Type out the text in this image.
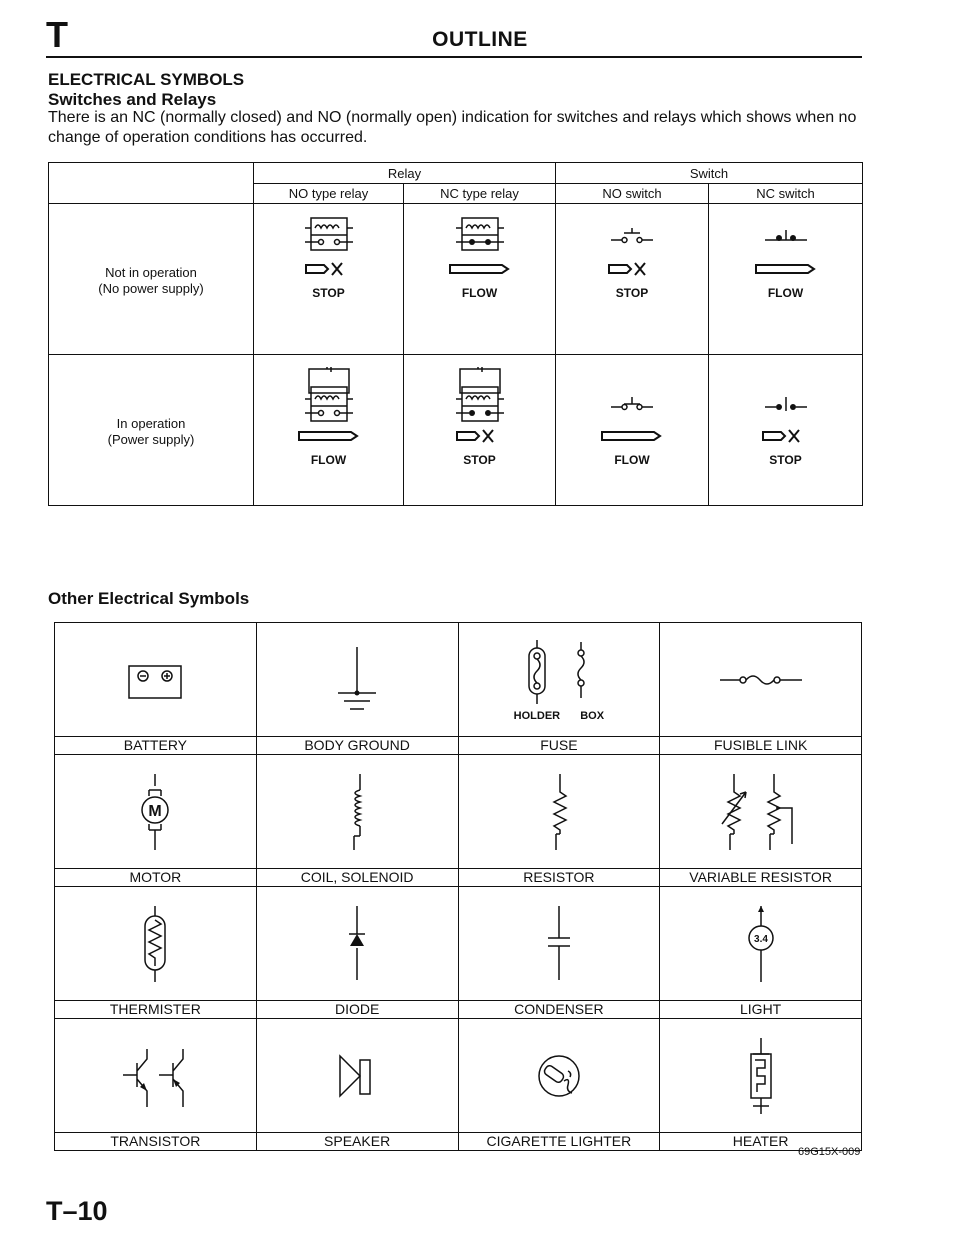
T	OUTLINE
ELECTRICAL SYMBOLS
Switches and Relays
There is an NC (normally closed) and NO (normally open) indication for switches and relays which shows when no change of operation conditions has occurred.
	Relay		Switch	
	NO type relay	NC type relay	NO switch	NC switch

Not in operation
(No power supply)	STOP	FLOW	STOP	FLOW

In operation
(Power supply)	FLOW	STOP	FLOW	STOP
Other Electrical Symbols

HOLDER BOX

BATTERY	BODY GROUND	FUSE	FUSIBLE LINK

M

MOTOR	COIL, SOLENOID	RESISTOR	VARIABLE RESISTOR

3.4

THERMISTER	DIODE	CONDENSER	LIGHT

TRANSISTOR	SPEAKER	CIGARETTE LIGHTER	HEATER
69G15X-009
T–10
